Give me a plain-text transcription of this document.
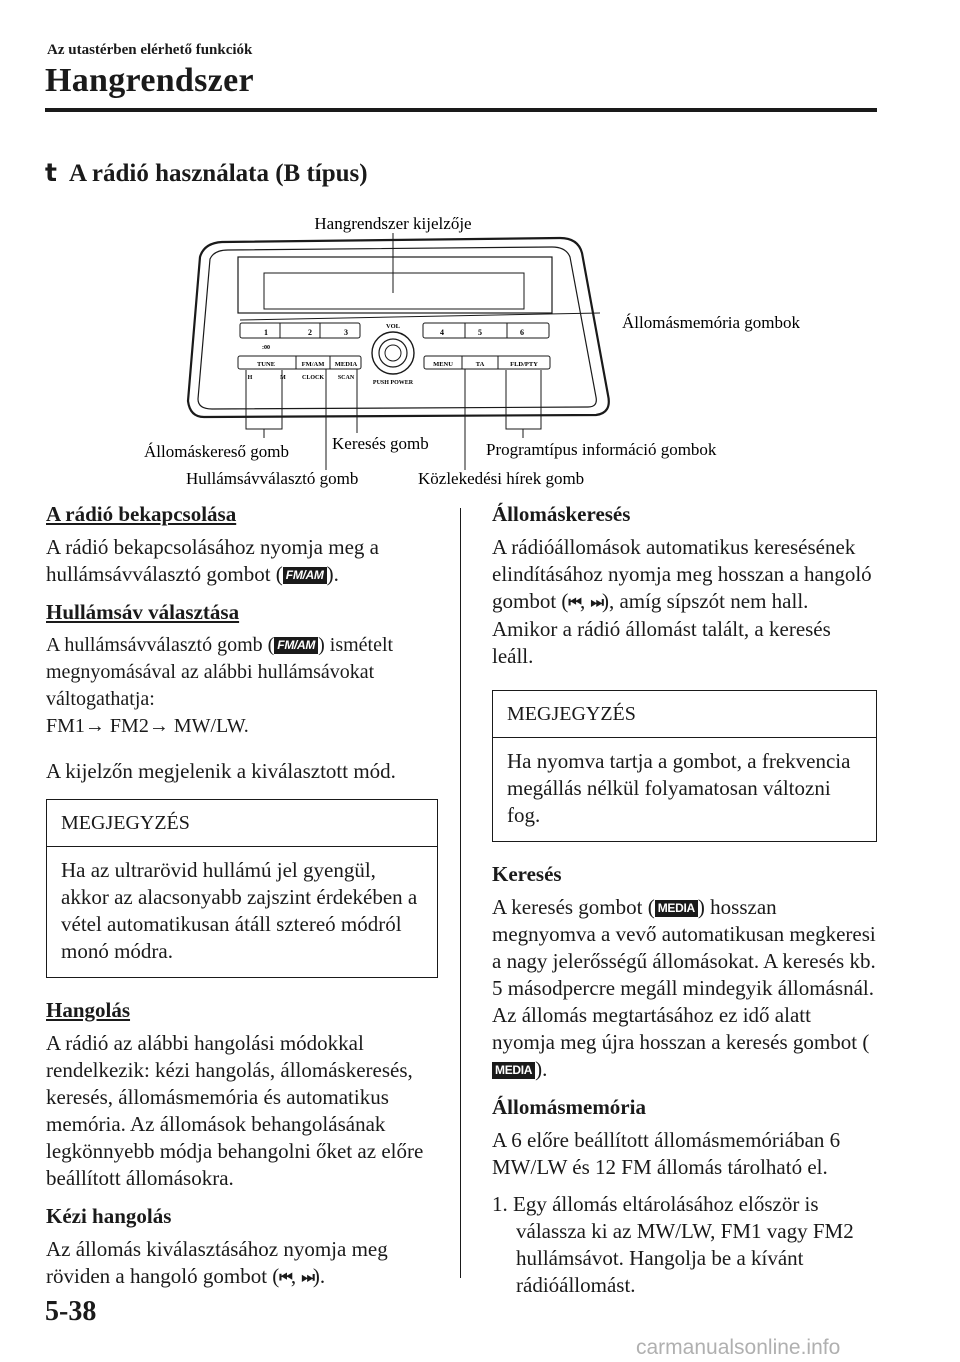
Az utastérben elérhető funkciók
Hangrendszer
t A rádió használata (B típus)
1	2	3	4	5	6
:00
TUNE	FM/AM MEDIA	MENU	TA	FLD/PTY
H	M	CLOCK SCAN
VOL
PUSH POWER
Hangrendszer kijelzője
Állomásmemória gombok
Állomáskereső gomb	Keresés gomb	Programtípus információ gombok
Hullámsávválasztó gomb	Közlekedési hírek gomb
A rádió bekapcsolása

A rádió bekapcsolásához nyomja meg a hullámsávválasztó gombot ( FM/AM ).

Hullámsáv választása

A hullámsávválasztó gomb ( FM/AM ) ismételt megnyomásával az alábbi hullámsávokat váltogathatja:
FM1→ FM2→ MW/LW.

A kijelzőn megjelenik a kiválasztott mód.

MEGJEGYZÉS
Ha az ultrarövid hullámú jel gyengül, akkor az alacsonyabb zajszint érdekében a vétel automatikusan átáll sztereó módról monó módra.
Hangolás

A rádió az alábbi hangolási módokkal rendelkezik: kézi hangolás, állomáskeresés, keresés, állomásmemória és automatikus memória. Az állomások behangolásának legkönnyebb módja behangolni őket az előre beállított állomásokra.

Kézi hangolás

Az állomás kiválasztásához nyomja meg röviden a hangoló gombot (⏮, ⏭).

Állomáskeresés

A rádióállomások automatikus keresésének elindításához nyomja meg hosszan a hangoló gombot (⏮, ⏭), amíg sípszót nem hall. Amikor a rádió állomást talált, a keresés leáll.

MEGJEGYZÉS
Ha nyomva tartja a gombot, a frekvencia megállás nélkül folyamatosan változni fog.
Keresés

A keresés gombot ( MEDIA ) hosszan megnyomva a vevő automatikusan megkeresi a nagy jelerősségű állomásokat. A keresés kb. 5 másodpercre megáll mindegyik állomásnál. Az állomás megtartásához ez idő alatt nyomja meg újra hosszan a keresés gombot (MEDIA ).

Állomásmemória

A 6 előre beállított állomásmemóriában 6 MW/LW és 12 FM állomás tárolható el.

1. Egy állomás eltárolásához először is válassza ki az MW/LW, FM1 vagy FM2 hullámsávot. Hangolja be a kívánt rádióállomást.

5-38
carmanualsonline.info
